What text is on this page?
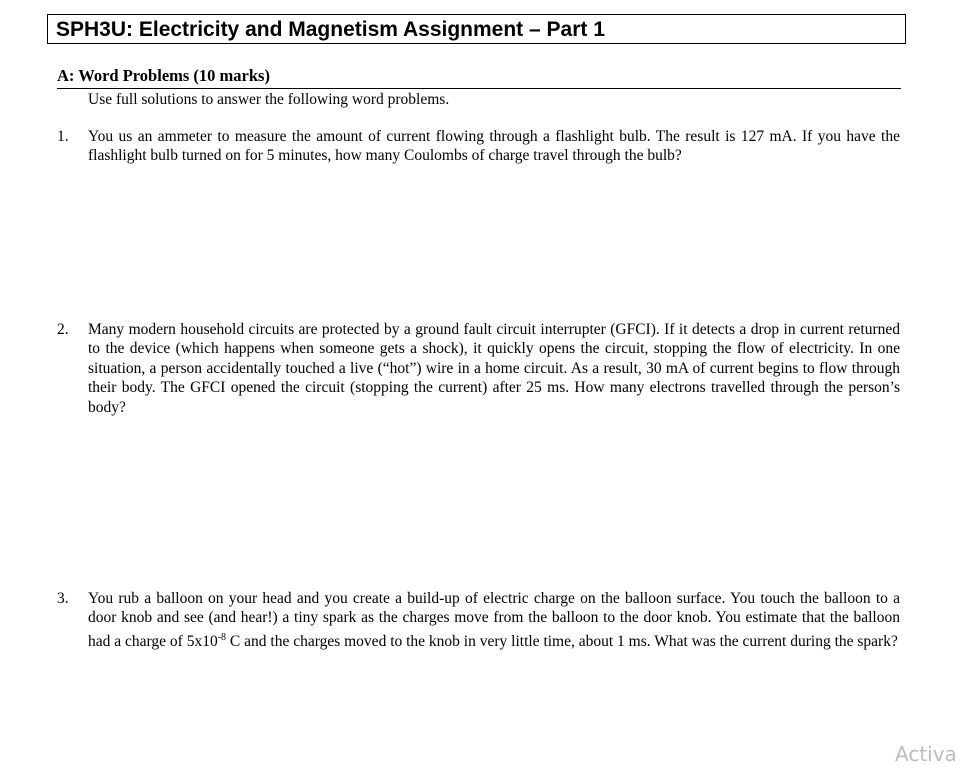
SPH3U: Electricity and Magnetism Assignment – Part 1
A: Word Problems (10 marks)
Use full solutions to answer the following word problems.
1. You us an ammeter to measure the amount of current flowing through a flashlight bulb. The result is 127 mA. If you have the flashlight bulb turned on for 5 minutes, how many Coulombs of charge travel through the bulb?
2. Many modern household circuits are protected by a ground fault circuit interrupter (GFCI). If it detects a drop in current returned to the device (which happens when someone gets a shock), it quickly opens the circuit, stopping the flow of electricity. In one situation, a person accidentally touched a live (“hot”) wire in a home circuit. As a result, 30 mA of current begins to flow through their body. The GFCI opened the circuit (stopping the current) after 25 ms. How many electrons travelled through the person’s body?
3. You rub a balloon on your head and you create a build-up of electric charge on the balloon surface. You touch the balloon to a door knob and see (and hear!) a tiny spark as the charges move from the balloon to the door knob. You estimate that the balloon had a charge of $5x10^{-8}$ C and the charges moved to the knob in very little time, about 1 ms. What was the current during the spark?
Activa
